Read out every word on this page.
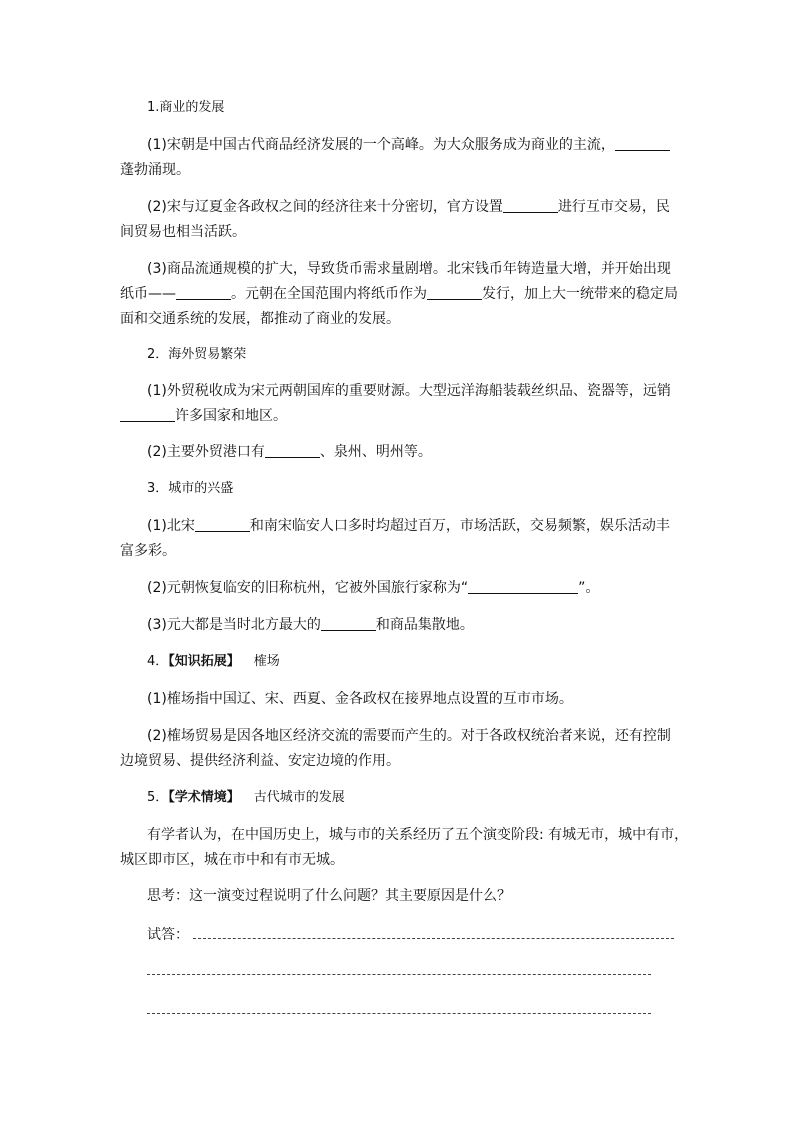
1.商业的发展
(1)宋朝是中国古代商品经济发展的一个高峰。为大众服务成为商业的主流，
蓬勃涌现。
(2)宋与辽夏金各政权之间的经济往来十分密切，官方设置	进行互市交易，民
间贸易也相当活跃。
(3)商品流通规模的扩大，导致货币需求量剧增。北宋钱币年铸造量大增，并开始出现
纸币——	。元朝在全国范围内将纸币作为	发行，加上大一统带来的稳定局
面和交通系统的发展，都推动了商业的发展。
2．海外贸易繁荣
(1)外贸税收成为宋元两朝国库的重要财源。大型远洋海船装载丝织品、瓷器等，远销
许多国家和地区。
(2)主要外贸港口有	、泉州、明州等。
3．城市的兴盛
(1)北宋	和南宋临安人口多时均超过百万，市场活跃，交易频繁，娱乐活动丰
富多彩。
(2)元朝恢复临安的旧称杭州，它被外国旅行家称为“	”。
(3)元大都是当时北方最大的	和商品集散地。
4．【知识拓展】 榷场
(1)榷场指中国辽、宋、西夏、金各政权在接界地点设置的互市市场。
(2)榷场贸易是因各地区经济交流的需要而产生的。对于各政权统治者来说，还有控制
边境贸易、提供经济利益、安定边境的作用。
5．【学术情境】 古代城市的发展
有学者认为，在中国历史上，城与市的关系经历了五个演变阶段: 有城无市，城中有市，
城区即市区，城在市中和有市无城。
思考：这一演变过程说明了什么问题？其主要原因是什么？
试答：
